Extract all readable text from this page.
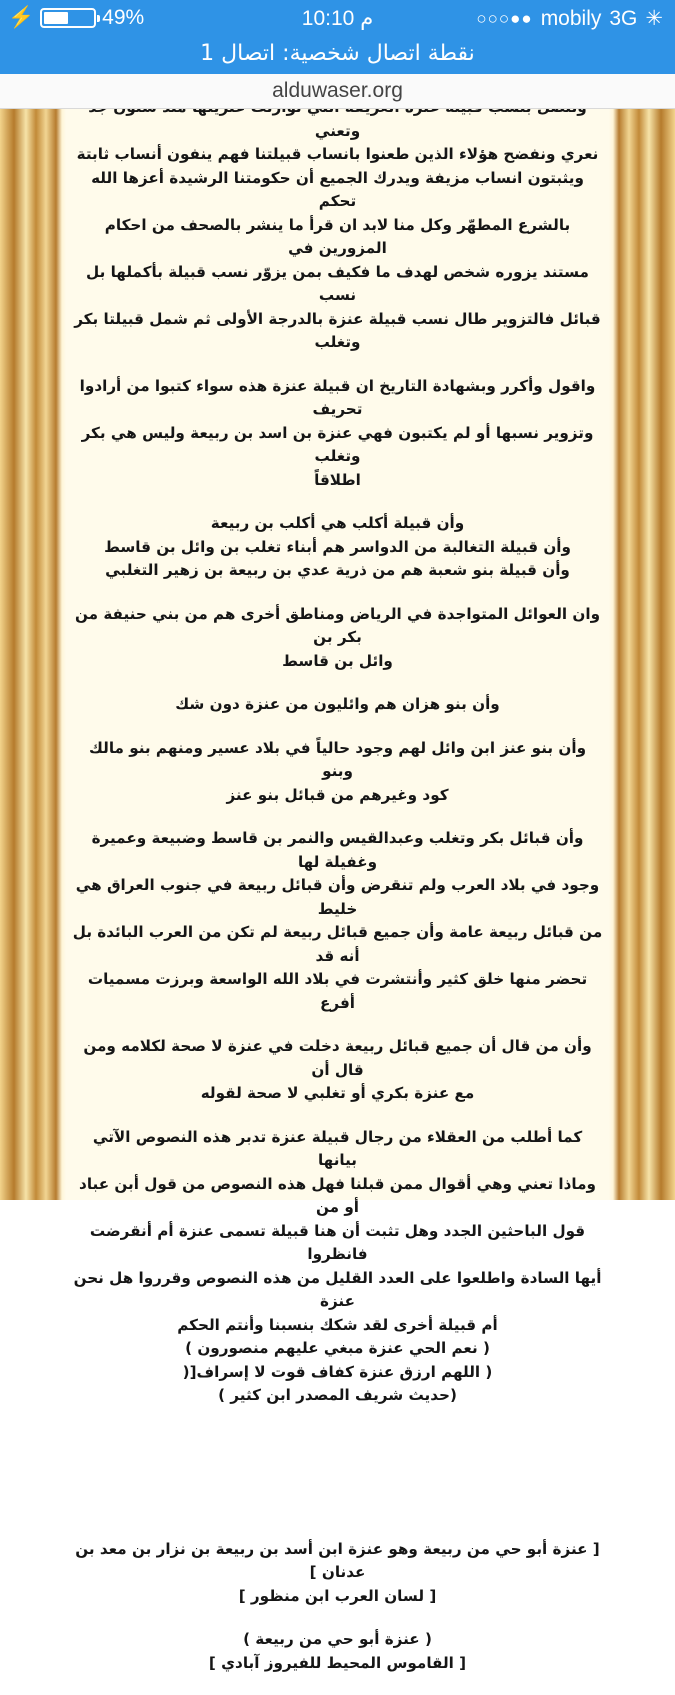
⚡	49%	10:10 م	○○○●● mobily 3G ✳
نقطة اتصال شخصية: اتصال 1
alduwaser.org
وتعني
نعري ونفضح هؤلاء الذين طعنوا بانساب قبيلتنا فهم ينفون أنساب ثابتة
ويثبتون انساب مزيفة ويدرك الجميع أن حكومتنا الرشيدة أعزها الله تحكم
بالشرع المطهّر وكل منا لابد ان قرأ ما ينشر بالصحف من احكام المزورين في
مستند يزوره شخص لهدف ما فكيف بمن يزوّر نسب قبيلة بأكملها بل نسب
قبائل فالتزوير طال نسب قبيلة عنزة بالدرجة الأولى ثم شمل قبيلتا بكر وتغلب
واقول وأكرر وبشهادة التاريخ ان قبيلة عنزة هذه سواء كتبوا من أرادوا تحريف
وتزوير نسبها أو لم يكتبون فهي عنزة بن اسد بن ربيعة وليس هي بكر وتغلب
اطلاقاً
وأن قبيلة أكلب هي أكلب بن ربيعة
وأن قبيلة التغالبة من الدواسر هم أبناء تغلب بن وائل بن قاسط
وأن قبيلة بنو شعبة هم من ذرية عدي بن ربيعة بن زهير التغلبي
وان العوائل المتواجدة في الرياض ومناطق أخرى هم من بني حنيفة من بكر بن
وائل بن قاسط
وأن بنو هزان هم وائليون من عنزة دون شك
وأن بنو عنز ابن وائل لهم وجود حالياً في بلاد عسير ومنهم بنو مالك وبنو
كود وغيرهم من قبائل بنو عنز
وأن قبائل بكر وتغلب وعبدالقيس والنمر بن قاسط وضبيعة وعميرة وغفيلة لها
وجود في بلاد العرب ولم تنقرض وأن قبائل ربيعة في جنوب العراق هي خليط
من قبائل ربيعة عامة وأن جميع قبائل ربيعة لم تكن من العرب البائدة بل أنه قد
تحضر منها خلق كثير وأنتشرت في بلاد الله الواسعة وبرزت مسميات أفرع
وأن من قال أن جميع قبائل ربيعة دخلت في عنزة لا صحة لكلامه ومن قال أن
مع عنزة بكري أو تغلبي لا صحة لقوله
كما أطلب من العقلاء من رجال قبيلة عنزة تدبر هذه النصوص الآتي بيانها
وماذا تعني وهي أقوال ممن قبلنا فهل هذه النصوص من قول أبن عباد أو من
قول الباحثين الجدد وهل تثبت أن هنا قبيلة تسمى عنزة أم أنقرضت فانظروا
أيها السادة واطلعوا على العدد القليل من هذه النصوص وقرروا هل نحن عنزة
أم قبيلة أخرى لقد شكك بنسبنا وأنتم الحكم
( نعم الحي عنزة مبغي عليهم منصورون )
( اللهم ارزق عنزة كفاف قوت لا إسراف[(
(حديث شريف المصدر ابن كثير )
[ عنزة أبو حي من ربيعة وهو عنزة ابن أسد بن ربيعة بن نزار بن معد بن
عدنان ]
[ لسان العرب ابن منظور ]
( عنزة أبو حي من ربيعة )
[ القاموس المحيط للفيروز آبادي ]
